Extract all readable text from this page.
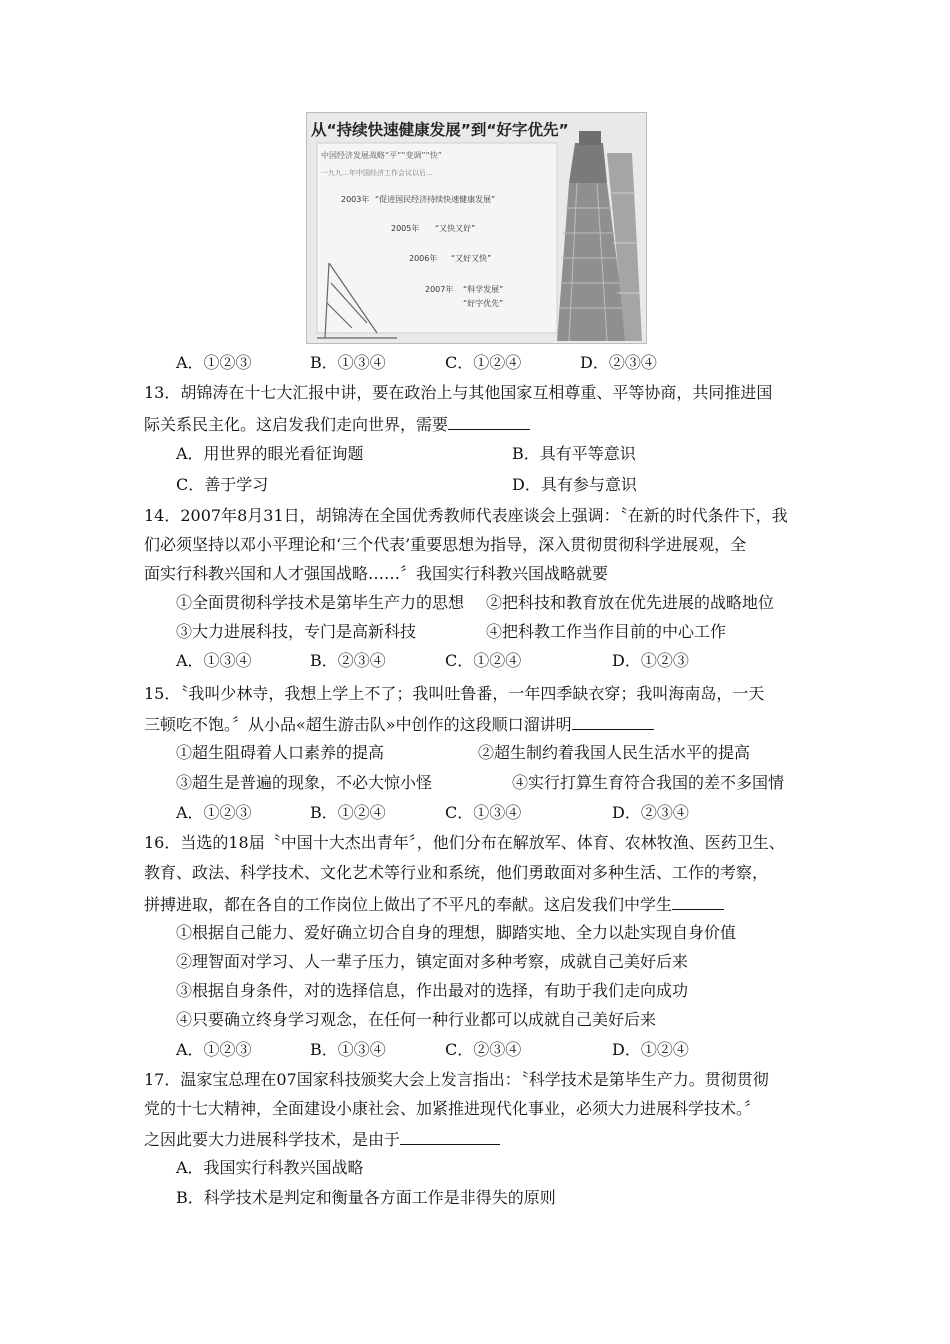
从“持续快速健康发展”到“好字优先”
中国经济发展战略“平”“变调”“快”
一九九…年中国经济工作会议以后…
2003年 “促进国民经济持续快速健康发展”
2005年 “又快又好”
2006年 “又好又快”
2007年 “科学发展”
“好字优先”
A．①②③	B．①③④	C．①②④	D．②③④
13．胡锦涛在十七大汇报中讲，要在政治上与其他国家互相尊重、平等协商，共同推进国
际关系民主化。这启发我们走向世界，需要
A．用世界的眼光看征询题	B．具有平等意识
C．善于学习	D．具有参与意识
14．2007年8月31日，胡锦涛在全国优秀教师代表座谈会上强调：〝在新的时代条件下，我
们必须坚持以邓小平理论和‘三个代表’重要思想为指导，深入贯彻贯彻科学进展观，全
面实行科教兴国和人才强国战略……〞我国实行科教兴国战略就要
①全面贯彻科学技术是第毕生产力的思想 ②把科技和教育放在优先进展的战略地位
③大力进展科技，专门是高新科技	④把科教工作当作目前的中心工作
A．①③④	B．②③④	C．①②④	D．①②③
15．〝我叫少林寺，我想上学上不了；我叫吐鲁番，一年四季缺衣穿；我叫海南岛，一天
三顿吃不饱。〞从小品«超生游击队»中创作的这段顺口溜讲明
①超生阻碍着人口素养的提高	②超生制约着我国人民生活水平的提高
③超生是普遍的现象，不必大惊小怪	④实行打算生育符合我国的差不多国情
A．①②③	B．①②④	C．①③④	D．②③④
16．当选的18届〝中国十大杰出青年〞，他们分布在解放军、体育、农林牧渔、医药卫生、
教育、政法、科学技术、文化艺术等行业和系统，他们勇敢面对多种生活、工作的考察，
拼搏进取，都在各自的工作岗位上做出了不平凡的奉献。这启发我们中学生
①根据自己能力、爱好确立切合自身的理想，脚踏实地、全力以赴实现自身价值
②理智面对学习、人一辈子压力，镇定面对多种考察，成就自己美好后来
③根据自身条件，对的选择信息，作出最对的选择，有助于我们走向成功
④只要确立终身学习观念，在任何一种行业都可以成就自己美好后来
A．①②③	B．①③④	C．②③④	D．①②④
17．温家宝总理在07国家科技颁奖大会上发言指出：〝科学技术是第毕生产力。贯彻贯彻
党的十七大精神，全面建设小康社会、加紧推进现代化事业，必须大力进展科学技术。〞
之因此要大力进展科学技术，是由于
A．我国实行科教兴国战略
B．科学技术是判定和衡量各方面工作是非得失的原则
